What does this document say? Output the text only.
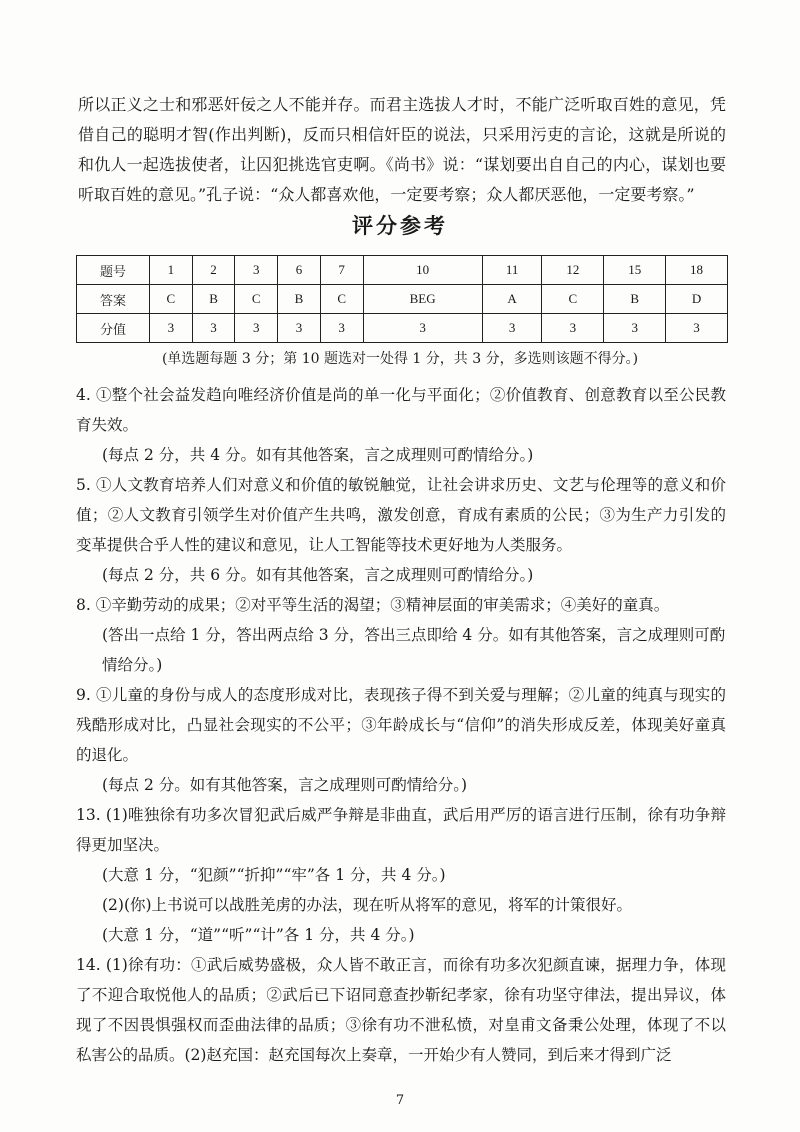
所以正义之士和邪恶奸佞之人不能并存。而君主选拔人才时，不能广泛听取百姓的意见，凭借自己的聪明才智(作出判断)，反而只相信奸臣的说法，只采用污吏的言论，这就是所说的和仇人一起选拔使者，让囚犯挑选官吏啊。《尚书》说：“谋划要出自自己的内心，谋划也要听取百姓的意见。”孔子说：“众人都喜欢他，一定要考察；众人都厌恶他，一定要考察。”
评分参考
题号	1	2	3	6	7	10	11	12	15	18
答案	C	B	C	B	C	BEG	A	C	B	D
分值	3	3	3	3	3	3	3	3	3	3
(单选题每题 3 分；第 10 题选对一处得 1 分，共 3 分，多选则该题不得分。)
4. ①整个社会益发趋向唯经济价值是尚的单一化与平面化；②价值教育、创意教育以至公民教育失效。
(每点 2 分，共 4 分。如有其他答案，言之成理则可酌情给分。)
5. ①人文教育培养人们对意义和价值的敏锐触觉，让社会讲求历史、文艺与伦理等的意义和价值；②人文教育引领学生对价值产生共鸣，激发创意，育成有素质的公民；③为生产力引发的变革提供合乎人性的建议和意见，让人工智能等技术更好地为人类服务。
(每点 2 分，共 6 分。如有其他答案，言之成理则可酌情给分。)
8. ①辛勤劳动的成果；②对平等生活的渴望；③精神层面的审美需求；④美好的童真。
(答出一点给 1 分，答出两点给 3 分，答出三点即给 4 分。如有其他答案，言之成理则可酌情给分。)
9. ①儿童的身份与成人的态度形成对比，表现孩子得不到关爱与理解；②儿童的纯真与现实的残酷形成对比，凸显社会现实的不公平；③年龄成长与“信仰”的消失形成反差，体现美好童真的退化。
(每点 2 分。如有其他答案，言之成理则可酌情给分。)
13. (1)唯独徐有功多次冒犯武后威严争辩是非曲直，武后用严厉的语言进行压制，徐有功争辩得更加坚决。
(大意 1 分，“犯颜”“折抑”“牢”各 1 分，共 4 分。)
(2)(你)上书说可以战胜羌虏的办法，现在听从将军的意见，将军的计策很好。
(大意 1 分，“道”“听”“计”各 1 分，共 4 分。)
14. (1)徐有功：①武后威势盛极，众人皆不敢正言，而徐有功多次犯颜直谏，据理力争，体现了不迎合取悦他人的品质；②武后已下诏同意查抄靳纪孝家，徐有功坚守律法，提出异议，体现了不因畏惧强权而歪曲法律的品质；③徐有功不泄私愤，对皇甫文备秉公处理，体现了不以私害公的品质。(2)赵充国：赵充国每次上奏章，一开始少有人赞同，到后来才得到广泛
7
